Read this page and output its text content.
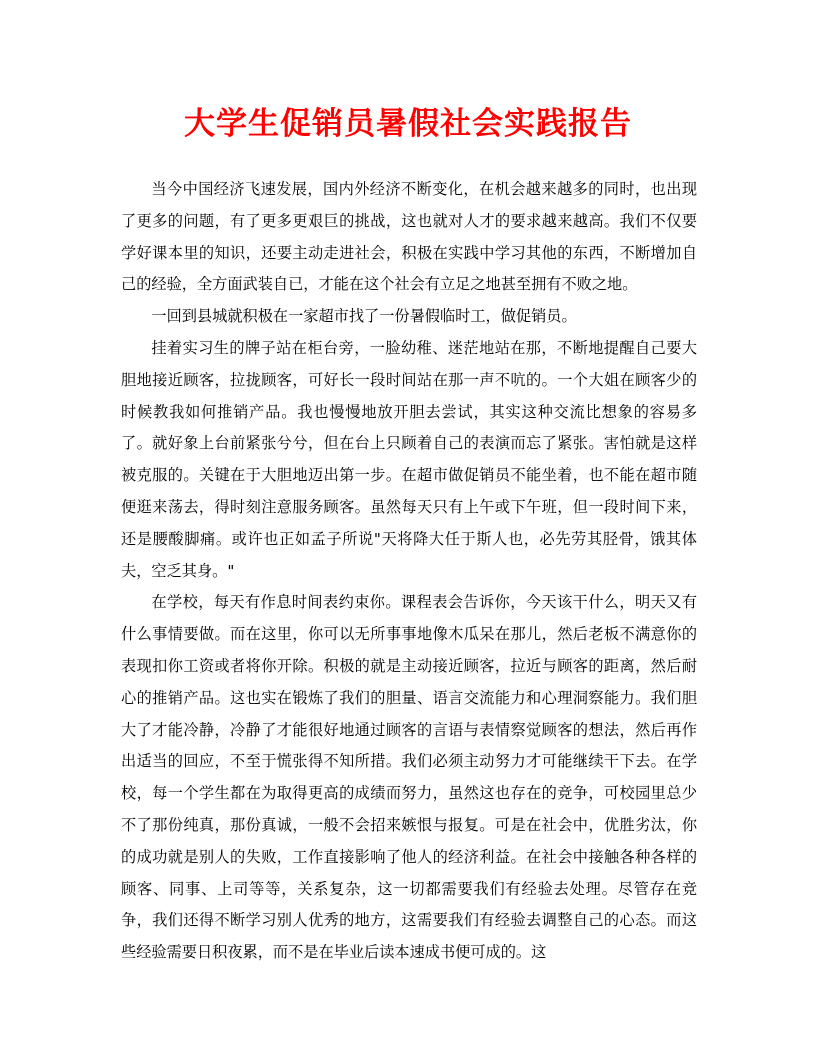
大学生促销员暑假社会实践报告

当今中国经济飞速发展，国内外经济不断变化，在机会越来越多的同时，也出现了更多的问题，有了更多更艰巨的挑战，这也就对人才的要求越来越高。我们不仅要学好课本里的知识，还要主动走进社会，积极在实践中学习其他的东西，不断增加自己的经验，全方面武装自已，才能在这个社会有立足之地甚至拥有不败之地。

一回到县城就积极在一家超市找了一份暑假临时工，做促销员。

挂着实习生的牌子站在柜台旁，一脸幼稚、迷茫地站在那，不断地提醒自己要大胆地接近顾客，拉拢顾客，可好长一段时间站在那一声不吭的。一个大姐在顾客少的时候教我如何推销产品。我也慢慢地放开胆去尝试，其实这种交流比想象的容易多了。就好象上台前紧张兮兮，但在台上只顾着自己的表演而忘了紧张。害怕就是这样被克服的。关键在于大胆地迈出第一步。在超市做促销员不能坐着，也不能在超市随便逛来荡去，得时刻注意服务顾客。虽然每天只有上午或下午班，但一段时间下来，还是腰酸脚痛。或许也正如孟子所说"天将降大任于斯人也，必先劳其胫骨，饿其体夫，空乏其身。"

在学校，每天有作息时间表约束你。课程表会告诉你，今天该干什么，明天又有什么事情要做。而在这里，你可以无所事事地像木瓜呆在那儿，然后老板不满意你的表现扣你工资或者将你开除。积极的就是主动接近顾客，拉近与顾客的距离，然后耐心的推销产品。这也实在锻炼了我们的胆量、语言交流能力和心理洞察能力。我们胆大了才能冷静，冷静了才能很好地通过顾客的言语与表情察觉顾客的想法，然后再作出适当的回应，不至于慌张得不知所措。我们必须主动努力才可能继续干下去。在学校，每一个学生都在为取得更高的成绩而努力，虽然这也存在的竞争，可校园里总少不了那份纯真，那份真诚，一般不会招来嫉恨与报复。可是在社会中，优胜劣汰，你的成功就是别人的失败，工作直接影响了他人的经济利益。在社会中接触各种各样的顾客、同事、上司等等，关系复杂，这一切都需要我们有经验去处理。尽管存在竞争，我们还得不断学习别人优秀的地方，这需要我们有经验去调整自己的心态。而这些经验需要日积夜累，而不是在毕业后读本速成书便可成的。这
